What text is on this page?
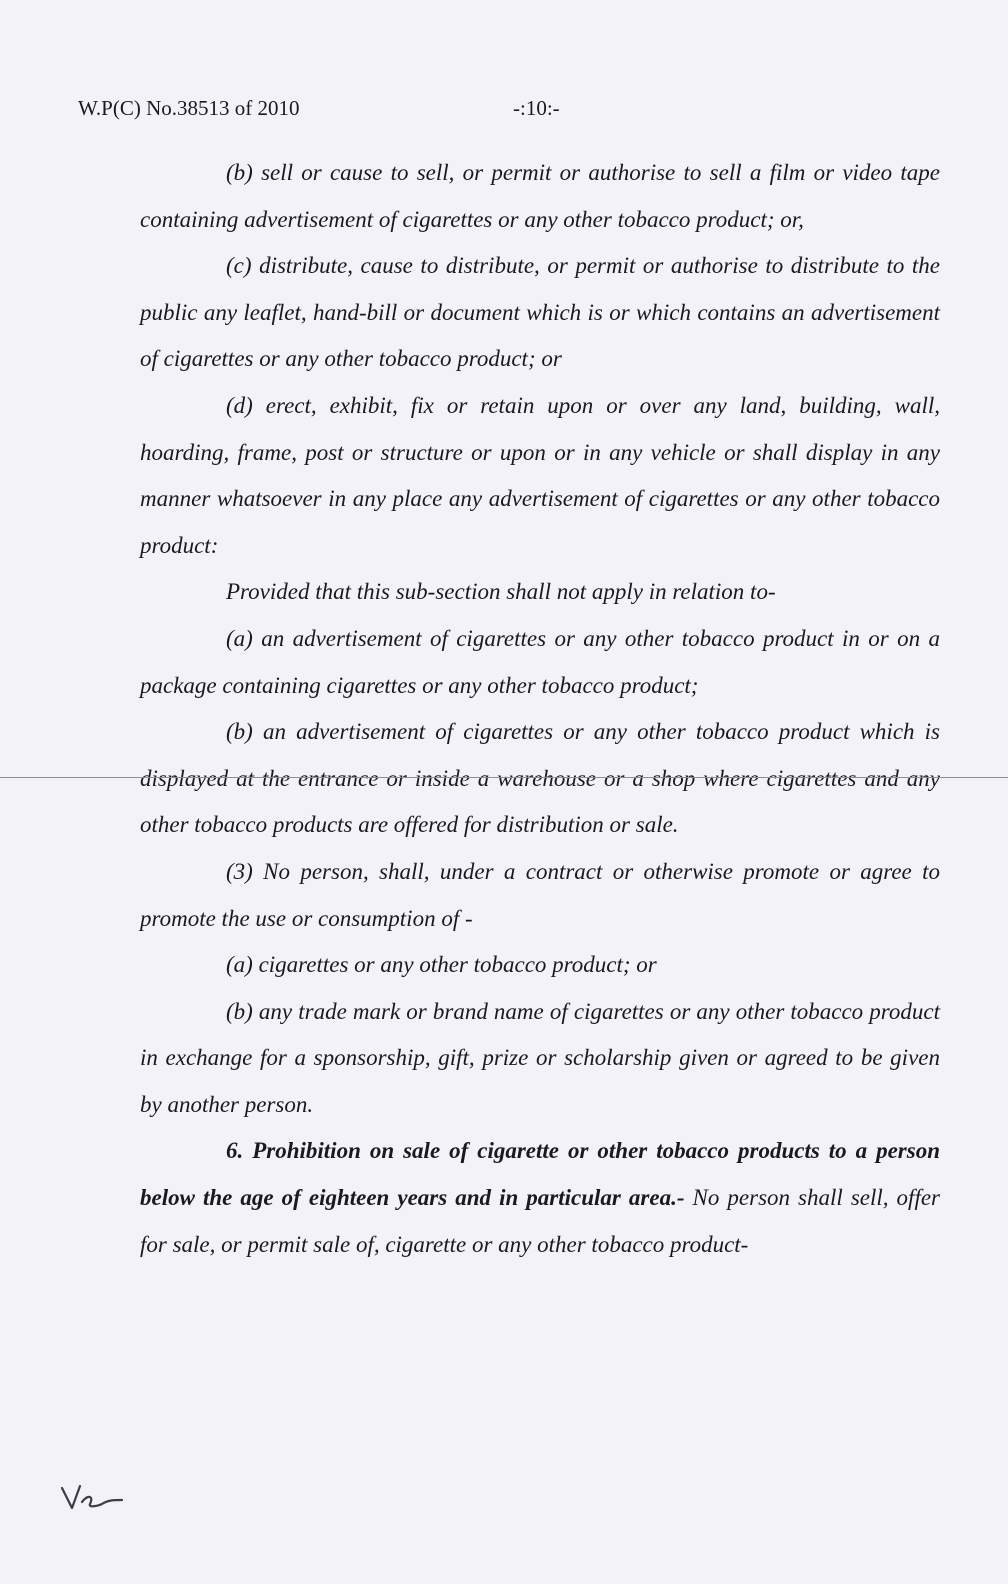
W.P(C) No.38513 of 2010	-:10:-

(b) sell or cause to sell, or permit or authorise to sell a film or video tape containing advertisement of cigarettes or any other tobacco product; or,

(c) distribute, cause to distribute, or permit or authorise to distribute to the public any leaflet, hand-bill or document which is or which contains an advertisement of cigarettes or any other tobacco product; or

(d) erect, exhibit, fix or retain upon or over any land, building, wall, hoarding, frame, post or structure or upon or in any vehicle or shall display in any manner whatsoever in any place any advertisement of cigarettes or any other tobacco product:

Provided that this sub-section shall not apply in relation to-

(a) an advertisement of cigarettes or any other tobacco product in or on a package containing cigarettes or any other tobacco product;

(b) an advertisement of cigarettes or any other tobacco product which is displayed at the entrance or inside a warehouse or a shop where cigarettes and any other tobacco products are offered for distribution or sale.

(3) No person, shall, under a contract or otherwise promote or agree to promote the use or consumption of -

(a) cigarettes or any other tobacco product; or

(b) any trade mark or brand name of cigarettes or any other tobacco product in exchange for a sponsorship, gift, prize or scholarship given or agreed to be given by another person.

6. Prohibition on sale of cigarette or other tobacco products to a person below the age of eighteen years and in particular area.- No person shall sell, offer for sale, or permit sale of, cigarette or any other tobacco product-
